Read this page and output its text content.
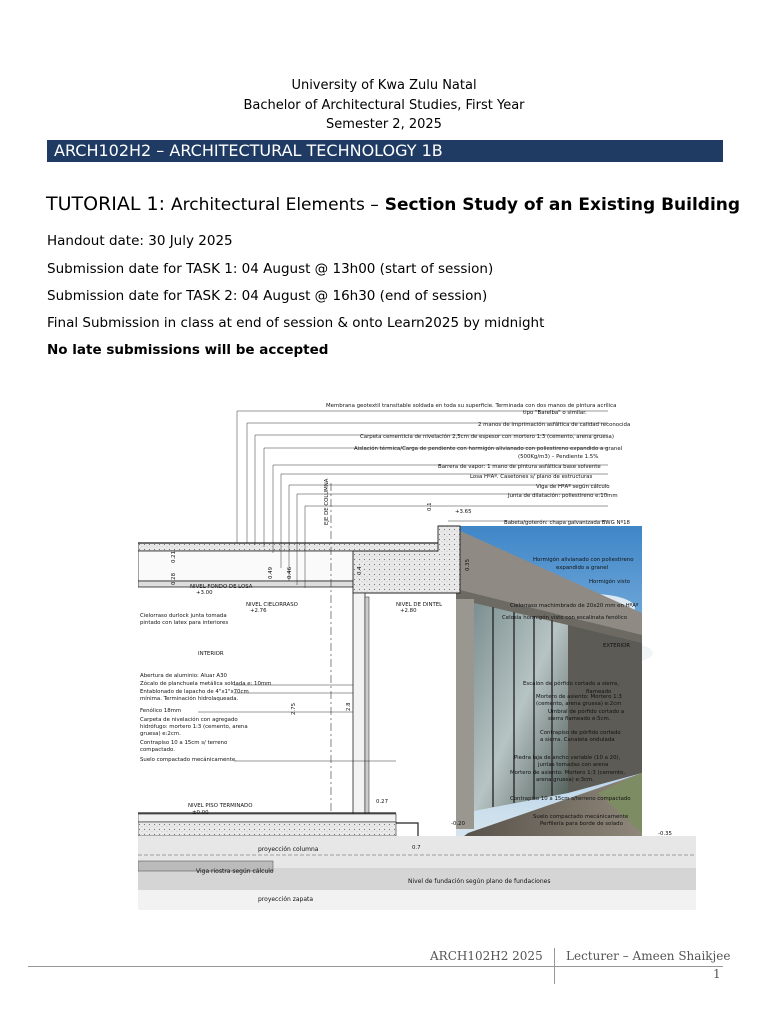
University of Kwa Zulu Natal
Bachelor of Architectural Studies, First Year
Semester 2, 2025
ARCH102H2 – ARCHITECTURAL TECHNOLOGY 1B
TUTORIAL 1: Architectural Elements – Section Study of an Existing Building
Handout date: 30 July 2025
Submission date for TASK 1: 04 August @ 13h00 (start of session)
Submission date for TASK 2: 04 August @ 16h30 (end of session)
Final Submission in class at end of session & onto Learn2025 by midnight
No late submissions will be accepted
EJE DE COLUMNA
Membrana geotextil transitable soldada en toda su superficie. Terminada con dos manos de pintura acrílica
tipo "Barelba" o similar.
2 manos de imprimación asfáltica de calidad reconocida
Carpeta cementicia de nivelación 2,5cm de espesor con mortero 1:3 (cemento, arena gruesa)
Aislación térmica/Carga de pendiente con hormigón alivianado con poliestireno expandido a granel
(500Kg/m3) – Pendiente 1.5%
Barrera de vapor: 1 mano de pintura asfáltica base solvente
Losa HºAº. Casetones s/ plano de estructuras
Viga de HºAº según cálculo
Junta de dilatación: poliestireno e:10mm
Babeta/goterón: chapa galvanizada BWG Nº18
Hormigón alivianado con poliestireno
expandido a granel
Hormigón visto
Cielorraso machimbrado de 20x20 mm en HºAº
Celosía hormigón visto con escalinata fenólico
EXTERIOR
Escalón de pórfido cortado a sierra,
flameado
Mortero de asiento: Mortero 1:3
(cemento, arena gruesa) e:2cm
Umbral de pórfido cortado a
sierra flameado e:5cm.
Contrapiso de pórfido cortado
a sierra. Canaleta ondulada
Piedra laja de ancho variable (10 a 20),
juntas tomadas con arena
Mortero de asiento: Mortero 1:3 (cemento,
arena gruesa) e:3cm.
Contrapiso 10 a 15cm s/terreno compactado
Suelo compactado mecánicamente
Perfilería para borde de solado
Cielorraso durlock junta tomada
pintado con latex para interiores
INTERIOR
Abertura de aluminio: Aluar A30
Zócalo de planchuela metálica soldada e: 10mm
Entablonado de lapacho de 4"x1"x70cm
mínima. Terminación hidrolaqueada.
Fenólico 18mm
Carpeta de nivelación con agregado
hidrófugo: mortero 1:3 (cemento, arena
gruesa) e:2cm.
Contrapiso 10 a 15cm s/ terreno
compactado.
Suelo compactado mecánicamente.
NIVEL FONDO DE LOSA
+3.00
NIVEL CIELORRASO
+2.76
NIVEL DE DINTEL
+2.80
NIVEL PISO TERMINADO
±0.00
0.1
+3.65
0.35
0.4
0.49 0.46
0.28
0.21
2.75	2.8
0.27
-0.20
0.7
-0.35
proyección columna
Viga riostra según cálculo
Nivel de fundación según plano de fundaciones
proyección zapata
ARCH102H2 2025 Lecturer – Ameen Shaikjee
1
